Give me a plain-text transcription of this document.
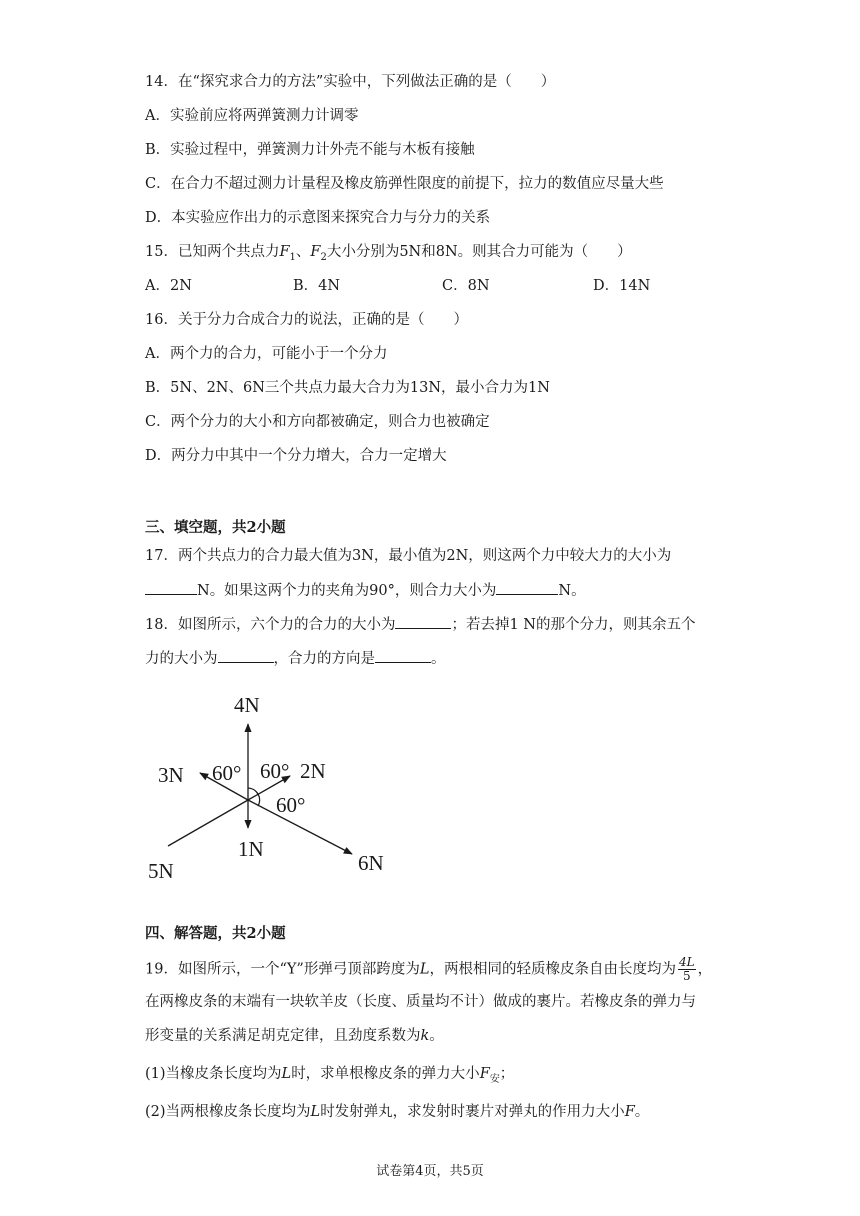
14．在“探究求合力的方法”实验中，下列做法正确的是（　　）
A．实验前应将两弹簧测力计调零
B．实验过程中，弹簧测力计外壳不能与木板有接触
C．在合力不超过测力计量程及橡皮筋弹性限度的前提下，拉力的数值应尽量大些
D．本实验应作出力的示意图来探究合力与分力的关系
15．已知两个共点力$F_1$、$F_2$大小分别为5N和8N。则其合力可能为（　　）
A．2N	B．4N	C．8N	D．14N
16．关于分力合成合力的说法，正确的是（　　）
A．两个力的合力，可能小于一个分力
B．5N、2N、6N三个共点力最大合力为13N，最小合力为1N
C．两个分力的大小和方向都被确定，则合力也被确定
D．两分力中其中一个分力增大，合力一定增大
三、填空题，共2小题
17．两个共点力的合力最大值为3N，最小值为2N，则这两个力中较大力的大小为
N。如果这两个力的夹角为90°，则合力大小为	N。
18．如图所示，六个力的合力的大小为	；若去掉1 N的那个分力，则其余五个
力的大小为	，合力的方向是	。
4N
3N	2N
1N
5N	6N
60° 60°
60°
四、解答题，共2小题
19．如图所示，一个“Y”形弹弓顶部跨度为L，两根相同的轻质橡皮条自由长度均为 $\frac{4L}{5}$ ，
在两橡皮条的末端有一块软羊皮（长度、质量均不计）做成的裹片。若橡皮条的弹力与
形变量的关系满足胡克定律，且劲度系数为k。
(1)当橡皮条长度均为L时，求单根橡皮条的弹力大小$F_安$；
(2)当两根橡皮条长度均为L时发射弹丸，求发射时裹片对弹丸的作用力大小F。
试卷第4页，共5页
